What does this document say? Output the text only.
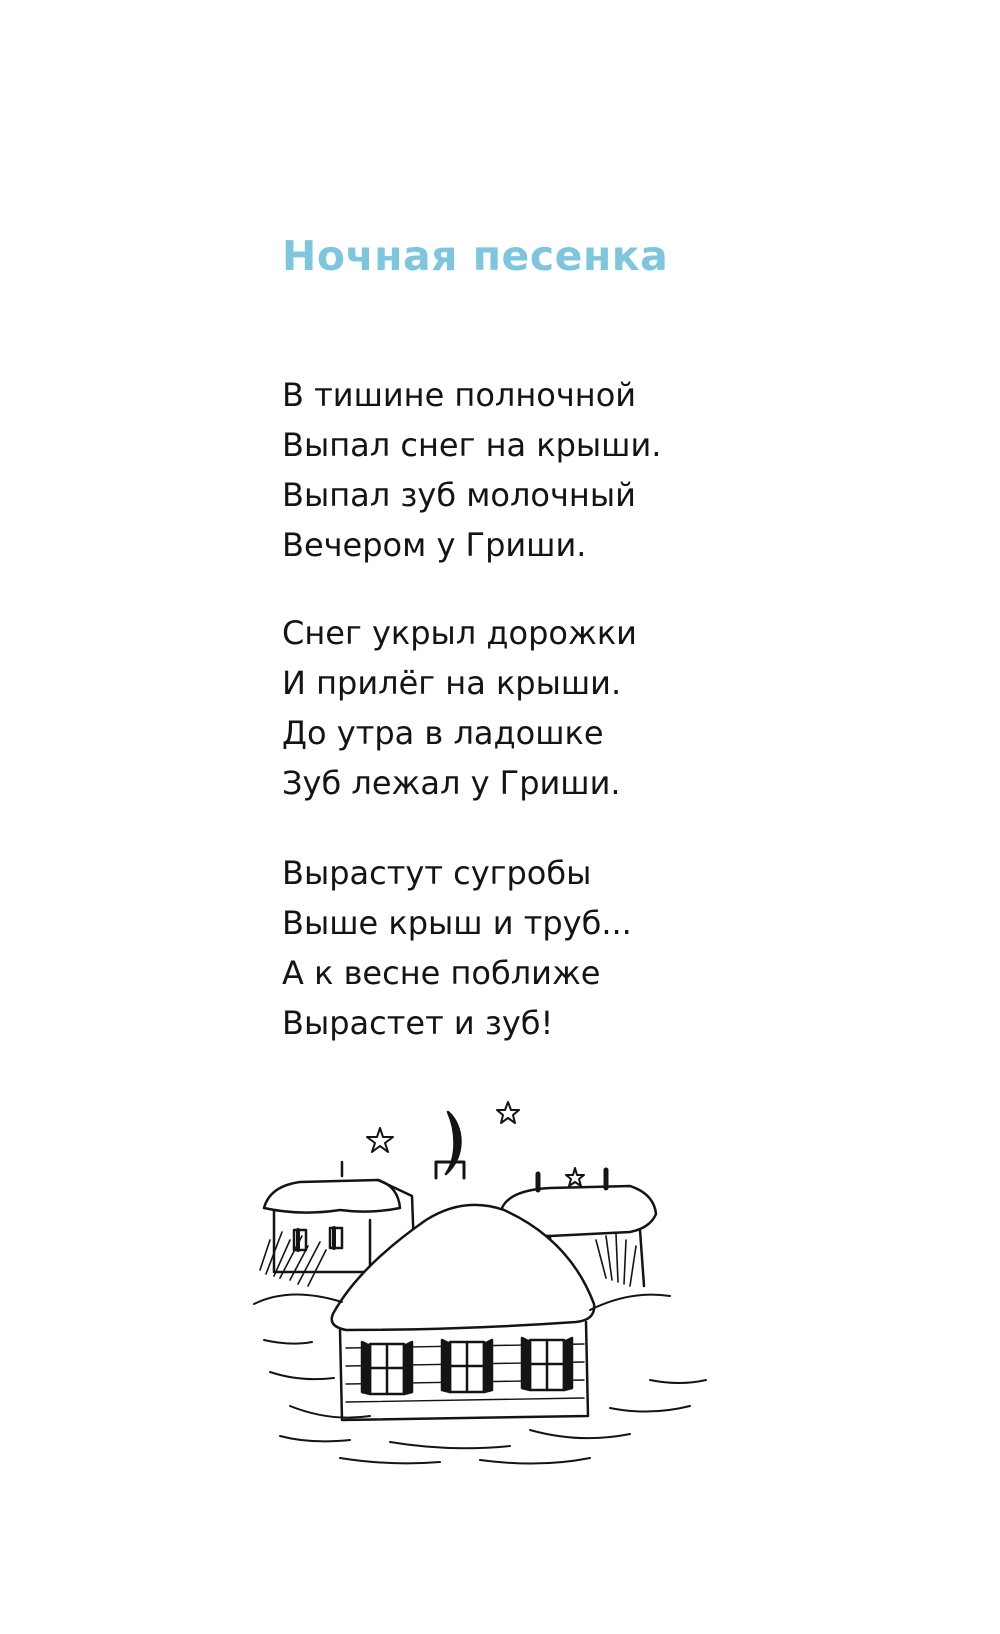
Ночная песенка
В тишине полночной
Выпал снег на крыши.
Выпал зуб молочный
Вечером у Гриши.
Снег укрыл дорожки
И прилёг на крыши.
До утра в ладошке
Зуб лежал у Гриши.
Вырастут сугробы
Выше крыш и труб...
А к весне поближе
Вырастет и зуб!
